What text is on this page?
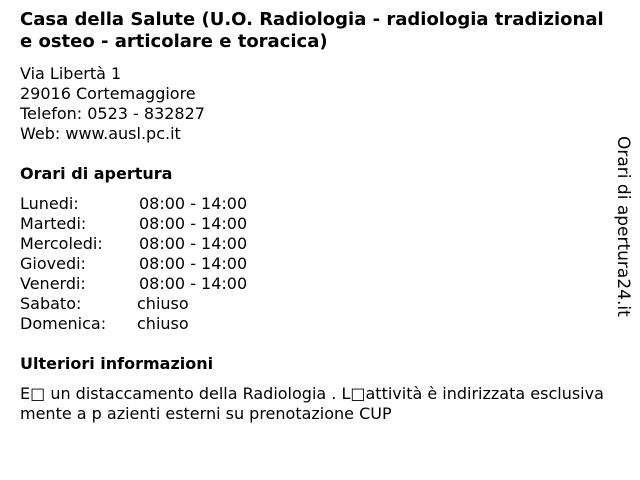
Casa della Salute (U.O. Radiologia - radiologia tradizionale osteo - articolare e toracica)
Via Libertà 1
29016 Cortemaggiore
Telefon: 0523 - 832827
Web: www.ausl.pc.it
Orari di apertura
Lunedi:	08:00 - 14:00
Martedi:	08:00 - 14:00
Mercoledi: 08:00 - 14:00
Giovedi:	08:00 - 14:00
Venerdi:	08:00 - 14:00
Sabato:	chiuso
Domenica: chiuso
Ulteriori informazioni
E□ un distaccamento della Radiologia . L□attività è indirizzata esclusivamente a p azienti esterni su prenotazione CUP
Orari di apertura24.it
